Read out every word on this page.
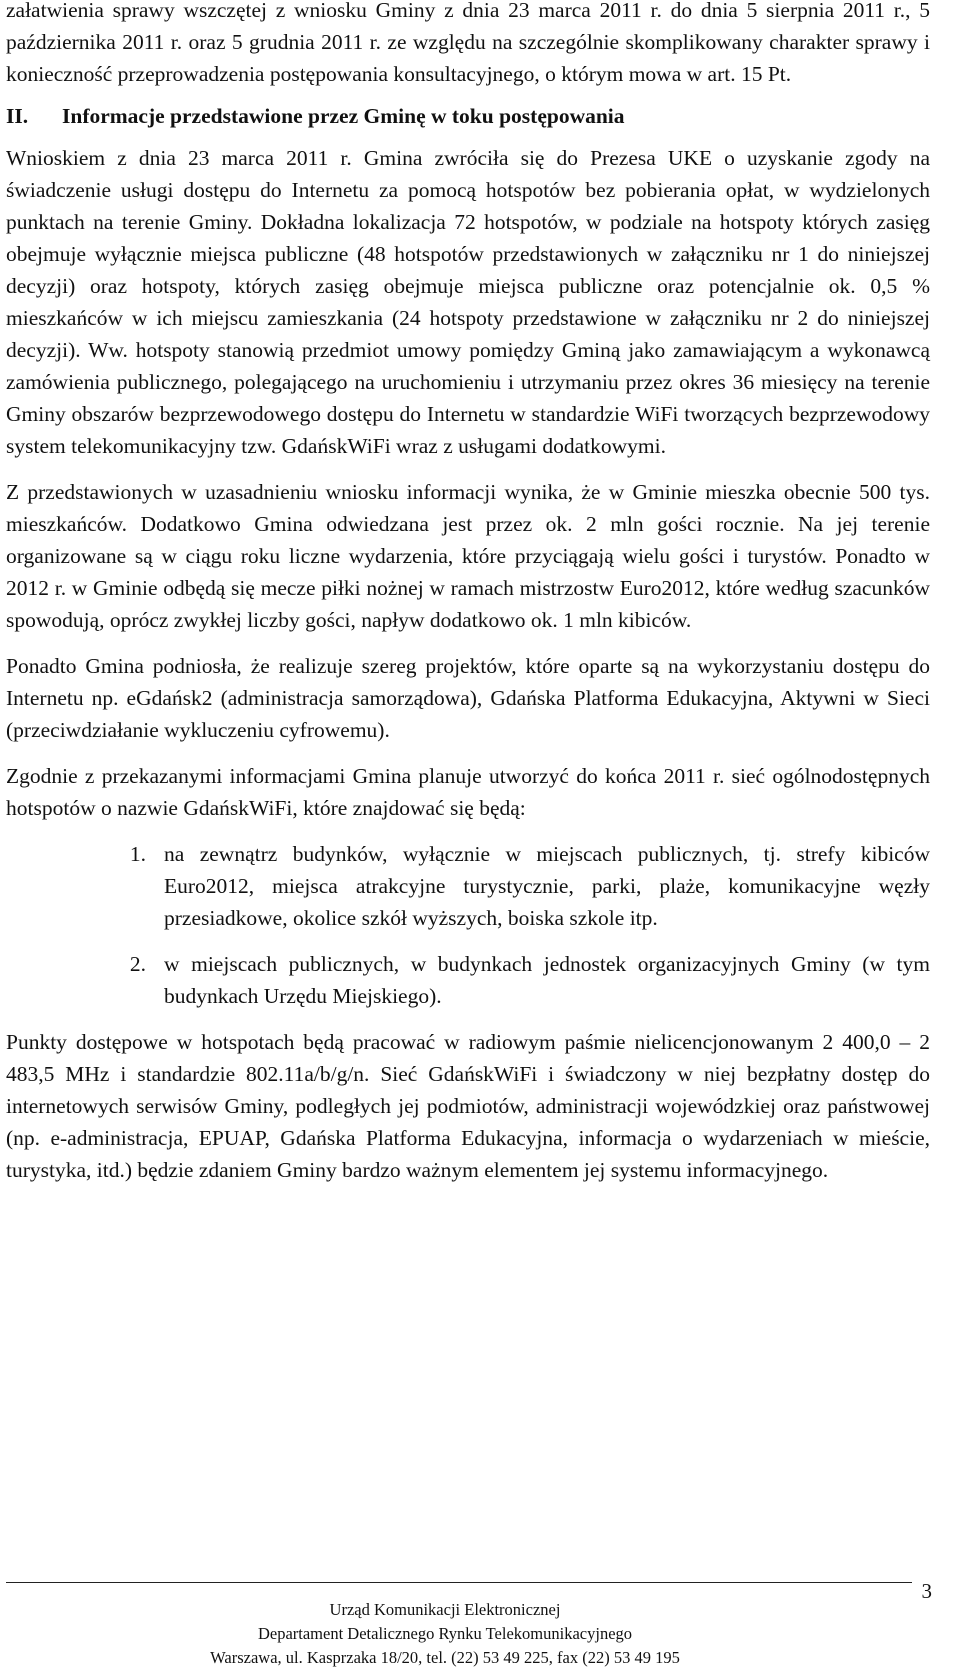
załatwienia sprawy wszczętej z wniosku Gminy z dnia 23 marca 2011 r. do dnia 5 sierpnia 2011 r., 5 października 2011 r. oraz 5 grudnia 2011 r. ze względu na szczególnie skomplikowany charakter sprawy i konieczność przeprowadzenia postępowania konsultacyjnego, o którym mowa w art. 15 Pt.

II.	Informacje przedstawione przez Gminę w toku postępowania

Wnioskiem z dnia 23 marca 2011 r. Gmina zwróciła się do Prezesa UKE o uzyskanie zgody na świadczenie usługi dostępu do Internetu za pomocą hotspotów bez pobierania opłat, w wydzielonych punktach na terenie Gminy. Dokładna lokalizacja 72 hotspotów, w podziale na hotspoty których zasięg obejmuje wyłącznie miejsca publiczne (48 hotspotów przedstawionych w załączniku nr 1 do niniejszej decyzji) oraz hotspoty, których zasięg obejmuje miejsca publiczne oraz potencjalnie ok. 0,5 % mieszkańców w ich miejscu zamieszkania (24 hotspoty przedstawione w załączniku nr 2 do niniejszej decyzji). Ww. hotspoty stanowią przedmiot umowy pomiędzy Gminą jako zamawiającym a wykonawcą zamówienia publicznego, polegającego na uruchomieniu i utrzymaniu przez okres 36 miesięcy na terenie Gminy obszarów bezprzewodowego dostępu do Internetu w standardzie WiFi tworzących bezprzewodowy system telekomunikacyjny tzw. GdańskWiFi wraz z usługami dodatkowymi.

Z przedstawionych w uzasadnieniu wniosku informacji wynika, że w Gminie mieszka obecnie 500 tys. mieszkańców. Dodatkowo Gmina odwiedzana jest przez ok. 2 mln gości rocznie. Na jej terenie organizowane są w ciągu roku liczne wydarzenia, które przyciągają wielu gości i turystów. Ponadto w 2012 r. w Gminie odbędą się mecze piłki nożnej w ramach mistrzostw Euro2012, które według szacunków spowodują, oprócz zwykłej liczby gości, napływ dodatkowo ok. 1 mln kibiców.

Ponadto Gmina podniosła, że realizuje szereg projektów, które oparte są na wykorzystaniu dostępu do Internetu np. eGdańsk2 (administracja samorządowa), Gdańska Platforma Edukacyjna, Aktywni w Sieci (przeciwdziałanie wykluczeniu cyfrowemu).

Zgodnie z przekazanymi informacjami Gmina planuje utworzyć do końca 2011 r. sieć ogólnodostępnych hotspotów o nazwie GdańskWiFi, które znajdować się będą:

1. na zewnątrz budynków, wyłącznie w miejscach publicznych, tj. strefy kibiców Euro2012, miejsca atrakcyjne turystycznie, parki, plaże, komunikacyjne węzły przesiadkowe, okolice szkół wyższych, boiska szkole itp.
2. w miejscach publicznych, w budynkach jednostek organizacyjnych Gminy (w tym budynkach Urzędu Miejskiego).

Punkty dostępowe w hotspotach będą pracować w radiowym paśmie nielicencjonowanym 2 400,0 – 2 483,5 MHz i standardzie 802.11a/b/g/n. Sieć GdańskWiFi i świadczony w niej bezpłatny dostęp do internetowych serwisów Gminy, podległych jej podmiotów, administracji wojewódzkiej oraz państwowej (np. e-administracja, EPUAP, Gdańska Platforma Edukacyjna, informacja o wydarzeniach w mieście, turystyka, itd.) będzie zdaniem Gminy bardzo ważnym elementem jej systemu informacyjnego.

3
Urząd Komunikacji Elektronicznej
Departament Detalicznego Rynku Telekomunikacyjnego
Warszawa, ul. Kasprzaka 18/20, tel. (22) 53 49 225, fax (22) 53 49 195
